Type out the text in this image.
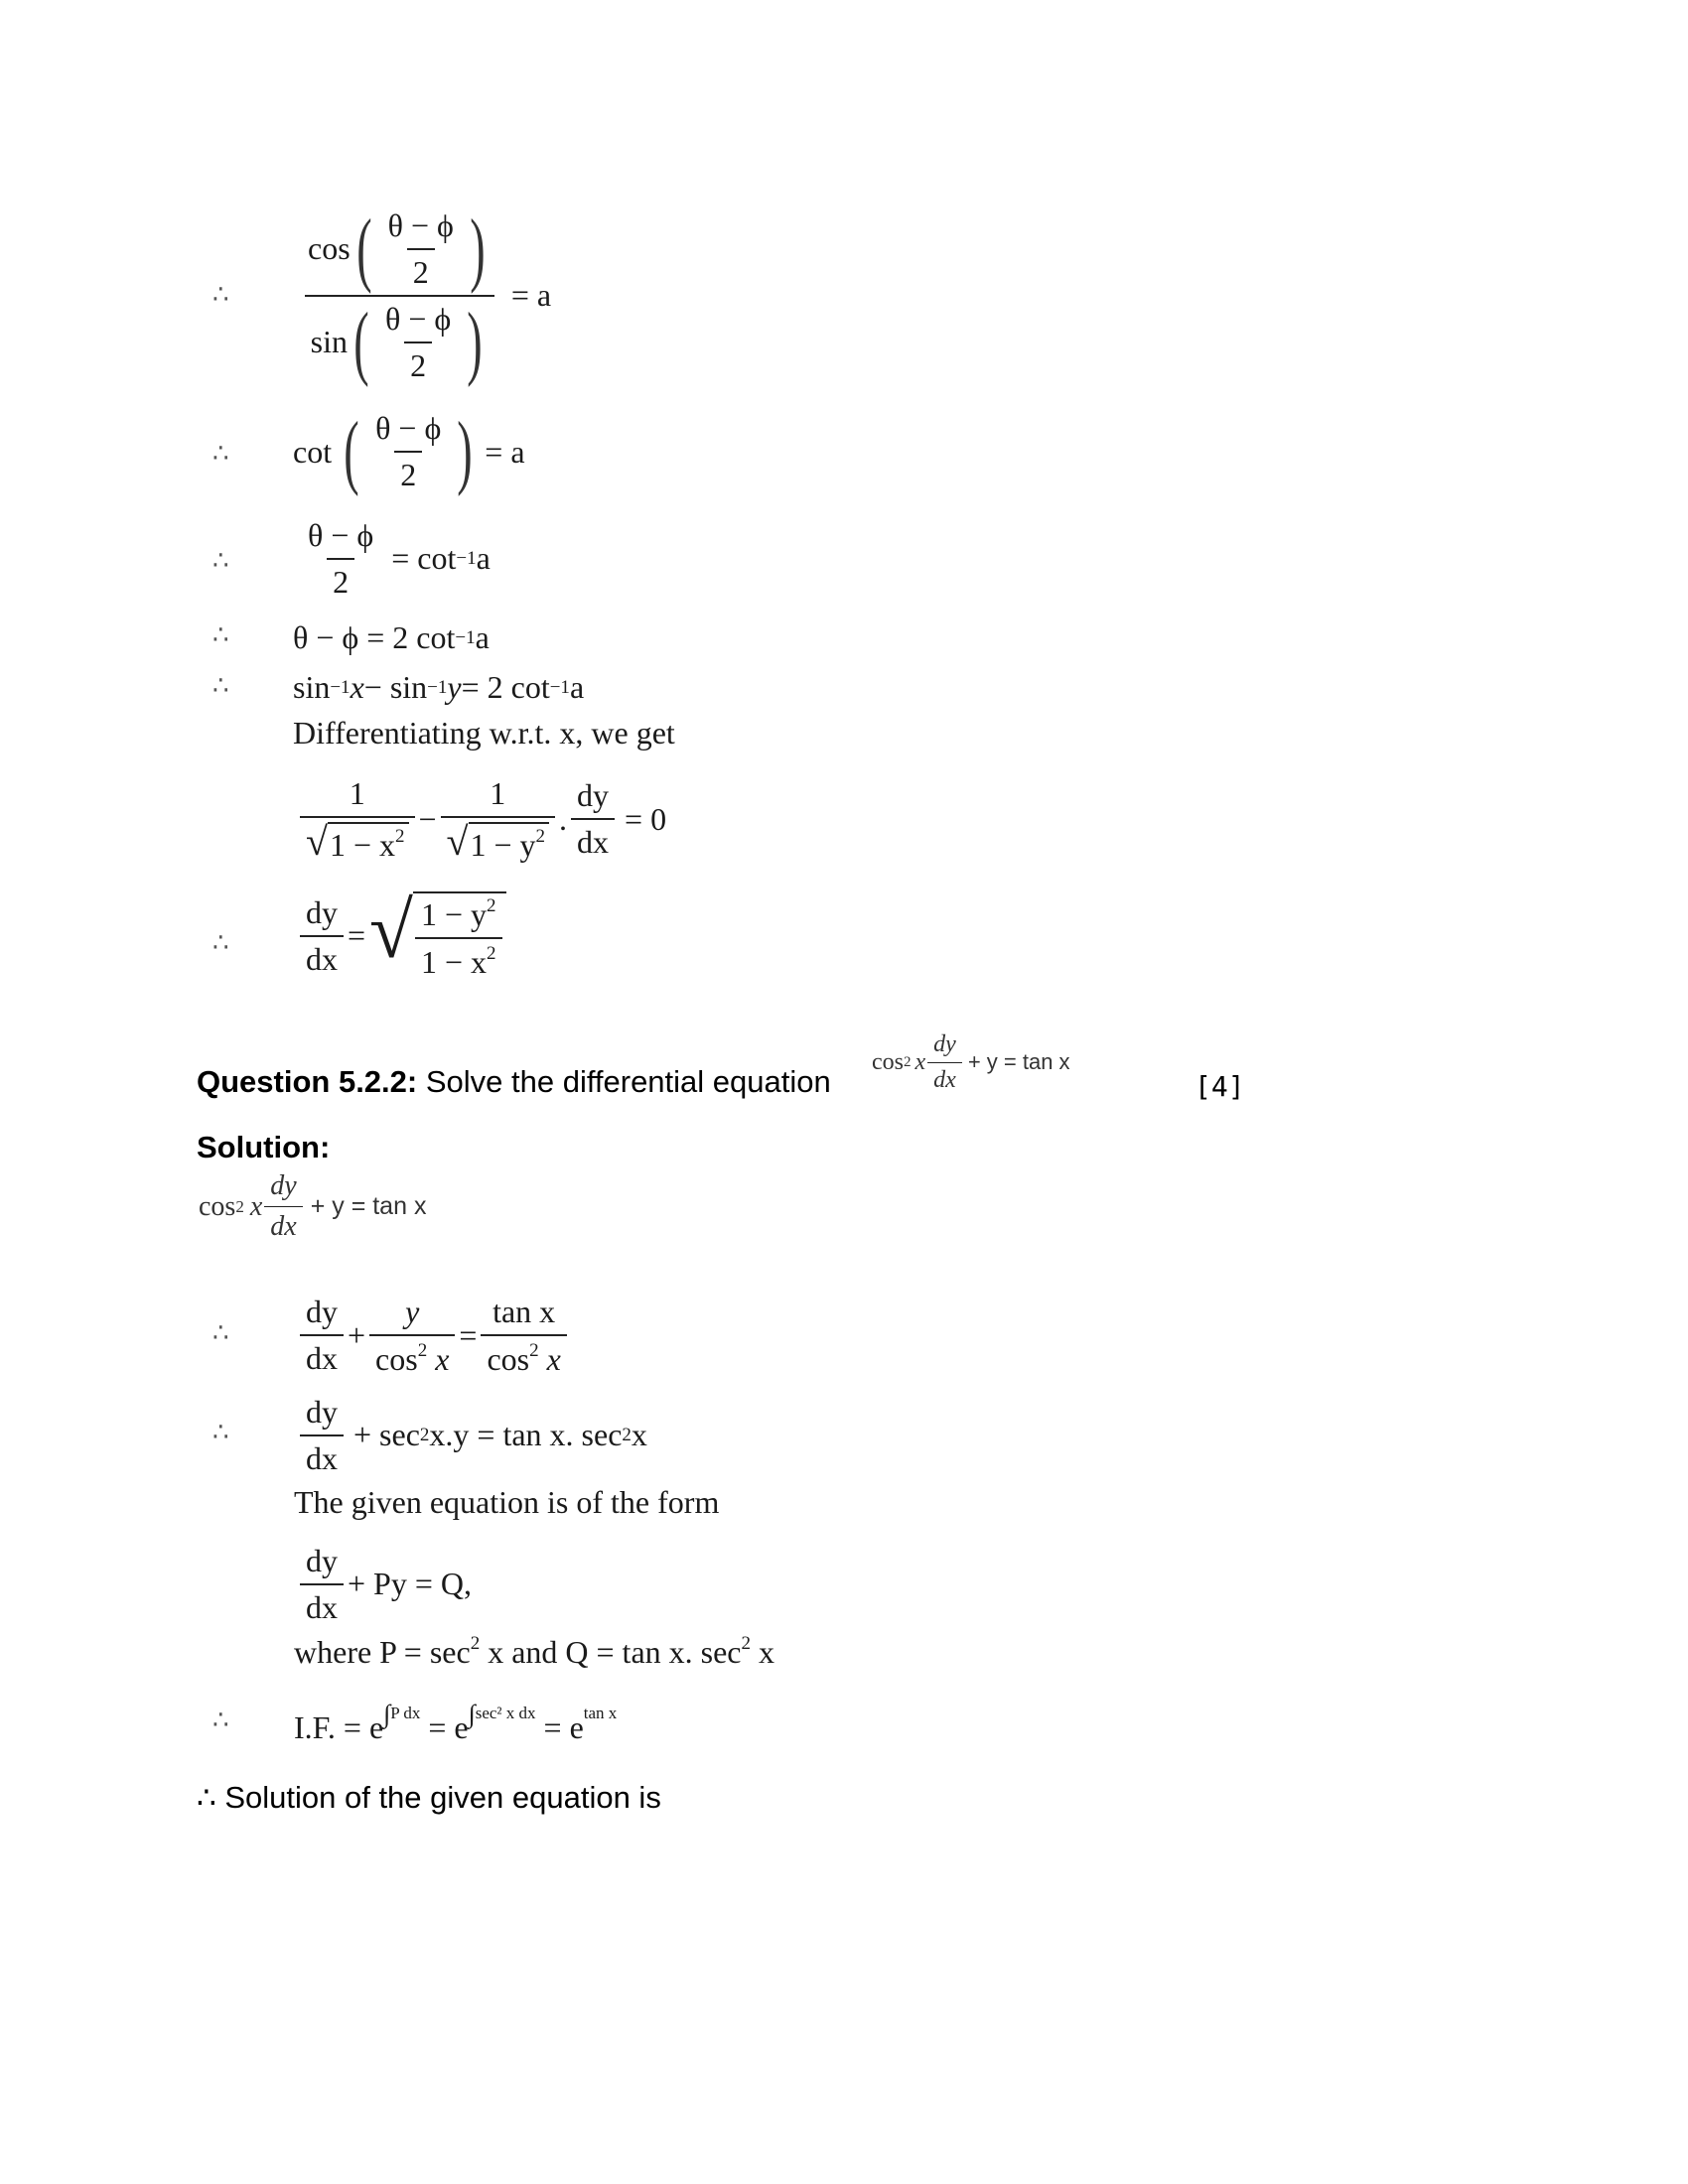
∴ $\frac{\cos ( \frac{\theta - \phi}{2} )}{\sin ( \frac{\theta - \phi}{2} )} = a$
∴ cot ( $\frac{\theta - \phi}{2}$ ) = a
∴ $\frac{\theta - \phi}{2} = \cot -1$ a
∴ θ − ϕ = 2 cot −1 a
∴ sin −1 x − sin −1 y = 2 cot −1 a
Differentiating w.r.t. x, we get
$\frac{1}{√ 1 - x^2} - \frac{1}{√ 1 - y^2}$ . $\frac{dy}{dx} = 0$
∴ $\frac{dy}{dx}$ = √ $\frac{1 - y^2}{1 - x^2}$
Question 5.2.2: Solve the differential equation
cos 2 x $\frac{dy}{dx} + y = \tan x$
[4]
Solution:
cos 2 x $\frac{dy}{dx} + y = \tan x$
∴ $\frac{dy}{dx} + \frac{y}{\cos^2 x} = \frac{\text{tan x}}{\cos^2 x}$
∴ $\frac{dy}{dx} + \sec 2$ x.y = tan x. sec 2 x
The given equation is of the form
$\frac{dy}{dx} + Py = Q$,
where $P = \sec^2 x$ and Q = tan x. $\sec^2 x$
∴ I.F. = $e^{\int P dx} = e^{\int sec^2 x dx} = e^{tan x}$
∴ Solution of the given equation is
